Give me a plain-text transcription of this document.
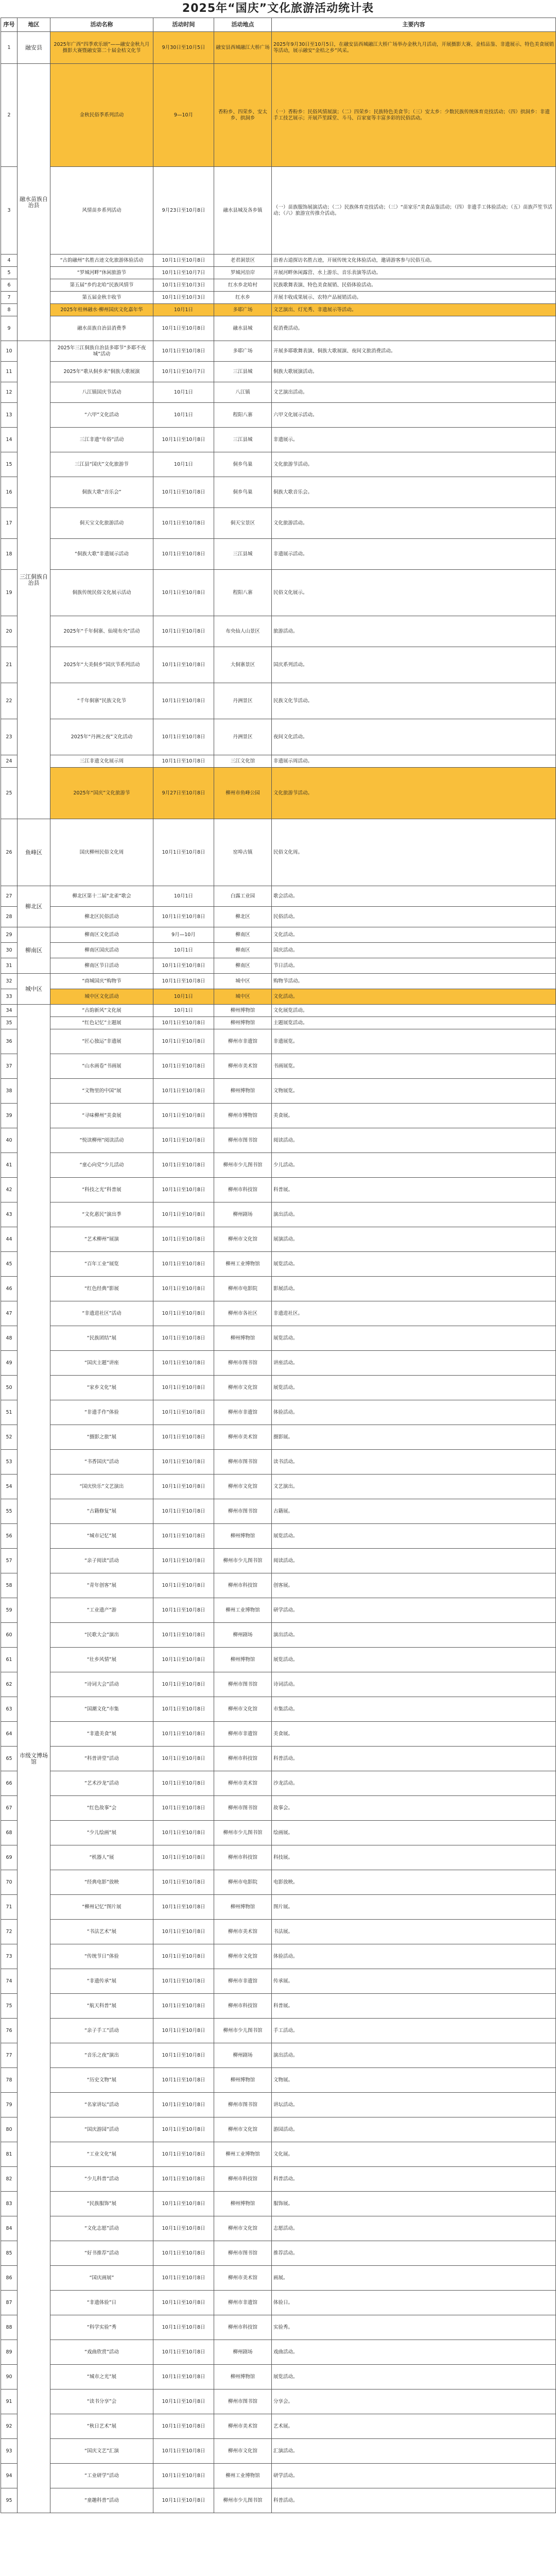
2025年“国庆”文化旅游活动统计表
序号	地区	活动名称	活动时间	活动地点	主要内容
1	融安县	2025年广西“四季欢乐颂”——融安金秋九月摄影大赛暨融安第二十届金桔文化节	9月30日至10月5日	融安县西城融江大桥广场	2025年9月30日至10月5日，在融安县西城融江大桥广场举办金秋九月活动，开展摄影大赛、金桔品鉴、非遗展示、特色美食展销等活动，展示融安“金桔之乡”风采。
2	融水苗族自治县	金秋民俗季系列活动	9—10月	香粉乡、四荣乡、安太乡、拱洞乡	（一）香粉乡：民俗风情展演；（二）四荣乡：民族特色美食节；（三）安太乡：少数民族传统体育竞技活动；（四）拱洞乡：非遗手工技艺展示；开展芦笙踩堂、斗马、百家宴等丰富多彩的民俗活动。
3		风情苗乡系列活动	9月23日至10月8日	融水县城及各乡镇	（一）苗族服饰展演活动；（二）民族体育竞技活动；（三）“苗家乐”美食品鉴活动；（四）非遗手工体验活动；（五）苗族芦笙节活动；（六）旅游宣传推介活动。
4		“古韵融州”名胜古迹文化旅游体验活动	10月1日至10月8日	老君洞景区	沿着古道探访名胜古迹，开展传统文化体验活动，邀请游客参与民俗互动。
5		“罗城河畔”休闲旅游节	10月1日至10月7日	罗城河沿岸	开展河畔休闲露营、水上游乐、音乐表演等活动。
6		第五届“乡约北哈”民族风情节	10月1日至10月3日	红水乡北哈村	民族歌舞表演、特色美食展销、民俗体验活动。
7		第五届金秋丰收节	10月1日至10月3日	红水乡	开展丰收成果展示、农特产品展销活动。
8		2025年桂林融水·柳州国庆文化嘉年华	10月1日	多耶广场	文艺演出、灯光秀、非遗展示等活动。
9		融水苗族自治县消费季	10月1日至10月8日	融水县城	促消费活动。
10	三江侗族自治县	2025年三江侗族自治县多耶节“多耶不夜城”活动	10月1日至10月8日	多耶广场	开展多耶歌舞表演、侗族大歌展演、夜间文旅消费活动。
11		2025年“歌从侗乡来”侗族大歌展演	10月1日至10月7日	三江县城	侗族大歌展演活动。
12		八江镇国庆节活动	10月1日	八江镇	文艺演出活动。
13		“六甲”文化活动	10月1日	程阳八寨	六甲文化展示活动。
14		三江非遗“年俗”活动	10月1日至10月8日	三江县城	非遗展示。
15		三江县“国庆”文化旅游节	10月1日	侗乡鸟巢	文化旅游节活动。
16		侗族大歌“音乐会”	10月1日至10月8日	侗乡鸟巢	侗族大歌音乐会。
17		侗天宝文化旅游活动	10月1日至10月8日	侗天宝景区	文化旅游活动。
18		“侗族大歌”非遗展示活动	10月1日至10月8日	三江县城	非遗展示活动。
19		侗族传统民俗文化展示活动	10月1日至10月8日	程阳八寨	民俗文化展示。
20		2025年“千年侗寨、仙境布央”活动	10月1日至10月8日	布央仙人山景区	旅游活动。
21		2025年“大美侗乡”国庆节系列活动	10月1日至10月8日	大侗寨景区	国庆系列活动。
22		“千年侗寨”民族文化节	10月1日至10月8日	丹洲景区	民族文化节活动。
23		2025年“丹洲之夜”文化活动	10月1日至10月8日	丹洲景区	夜间文化活动。
24		三江非遗文化展示周	10月1日至10月8日	三江文化馆	非遗展示周活动。
25		2025年“国庆”文化旅游节	9月27日至10月8日	柳州市鱼峰公园	文化旅游节活动。
26	鱼峰区	国庆柳州民俗文化周	10月1日至10月8日	窑埠古镇	民俗文化周。
27	柳北区	柳北区第十二届“北雀”歌会	10月1日	白露工业园	歌会活动。
28		柳北区民俗活动	10月1日至10月8日	柳北区	民俗活动。
29	柳南区	柳南区文化活动	9月—10月	柳南区	文化活动。
30		柳南区国庆活动	10月1日	柳南区	国庆活动。
31		柳南区节日活动	10月1日至10月8日	柳南区	节日活动。
32	城中区	“商城国庆”购物节	10月1日至10月8日	城中区	购物节活动。
33		城中区文化活动	10月1日	城中区	文化活动。
34	市级文博场馆	“古韵新风”文化展	10月1日	柳州博物馆	文化展览活动。
35		“红色记忆”主题展	10月1日至10月8日	柳州博物馆	主题展览活动。
36		“匠心独运”非遗展	10月1日至10月8日	柳州市非遗馆	非遗展览。
37		“山水画卷”书画展	10月1日至10月8日	柳州市美术馆	书画展览。
38		“文物里的中国”展	10月1日至10月8日	柳州博物馆	文物展览。
39		“寻味柳州”美食展	10月1日至10月8日	柳州市博物馆	美食展。
40		“悦读柳州”阅读活动	10月1日至10月8日	柳州市图书馆	阅读活动。
41		“童心向党”少儿活动	10月1日至10月8日	柳州市少儿图书馆	少儿活动。
42		“科技之光”科普展	10月1日至10月8日	柳州市科技馆	科普展。
43		“文化惠民”演出季	10月1日至10月8日	柳州剧场	演出活动。
44		“艺术柳州”展演	10月1日至10月8日	柳州市文化馆	展演活动。
45		“百年工业”展览	10月1日至10月8日	柳州工业博物馆	展览活动。
46		“红色经典”影展	10月1日至10月8日	柳州市电影院	影展活动。
47		“非遗进社区”活动	10月1日至10月8日	柳州市各社区	非遗进社区。
48		“民族团结”展	10月1日至10月8日	柳州博物馆	展览活动。
49		“国庆主题”讲座	10月1日至10月8日	柳州市图书馆	讲座活动。
50		“家乡文化”展	10月1日至10月8日	柳州市文化馆	展览活动。
51		“非遗手作”体验	10月1日至10月8日	柳州市非遗馆	体验活动。
52		“摄影之旅”展	10月1日至10月8日	柳州市美术馆	摄影展。
53		“书香国庆”活动	10月1日至10月8日	柳州市图书馆	读书活动。
54		“国庆快乐”文艺演出	10月1日至10月8日	柳州市文化馆	文艺演出。
55		“古籍修复”展	10月1日至10月8日	柳州市图书馆	古籍展。
56		“城市记忆”展	10月1日至10月8日	柳州博物馆	展览活动。
57		“亲子阅读”活动	10月1日至10月8日	柳州市少儿图书馆	阅读活动。
58		“青年创客”展	10月1日至10月8日	柳州市科技馆	创客展。
59		“工业遗产”游	10月1日至10月8日	柳州工业博物馆	研学活动。
60		“民歌大会”演出	10月1日至10月8日	柳州剧场	演出活动。
61		“壮乡风情”展	10月1日至10月8日	柳州博物馆	展览活动。
62		“诗词大会”活动	10月1日至10月8日	柳州市图书馆	诗词活动。
63		“国潮文化”市集	10月1日至10月8日	柳州市文化馆	市集活动。
64		“非遗美食”展	10月1日至10月8日	柳州市非遗馆	美食展。
65		“科普讲堂”活动	10月1日至10月8日	柳州市科技馆	科普活动。
66		“艺术沙龙”活动	10月1日至10月8日	柳州市美术馆	沙龙活动。
67		“红色故事”会	10月1日至10月8日	柳州市图书馆	故事会。
68		“少儿绘画”展	10月1日至10月8日	柳州市少儿图书馆	绘画展。
69		“机器人”展	10月1日至10月8日	柳州市科技馆	科技展。
70		“经典电影”放映	10月1日至10月8日	柳州市电影院	电影放映。
71		“柳州记忆”图片展	10月1日至10月8日	柳州博物馆	图片展。
72		“书法艺术”展	10月1日至10月8日	柳州市美术馆	书法展。
73		“传统节日”体验	10月1日至10月8日	柳州市文化馆	体验活动。
74		“非遗传承”展	10月1日至10月8日	柳州市非遗馆	传承展。
75		“航天科普”展	10月1日至10月8日	柳州市科技馆	科普展。
76		“亲子手工”活动	10月1日至10月8日	柳州市少儿图书馆	手工活动。
77		“音乐之夜”演出	10月1日至10月8日	柳州剧场	演出活动。
78		“历史文物”展	10月1日至10月8日	柳州博物馆	文物展。
79		“名家讲坛”活动	10月1日至10月8日	柳州市图书馆	讲坛活动。
80		“国庆游园”活动	10月1日至10月8日	柳州市文化馆	游园活动。
81		“工业文化”展	10月1日至10月8日	柳州工业博物馆	文化展。
82		“少儿科普”活动	10月1日至10月8日	柳州市科技馆	科普活动。
83		“民族服饰”展	10月1日至10月8日	柳州博物馆	服饰展。
84		“文化志愿”活动	10月1日至10月8日	柳州市文化馆	志愿活动。
85		“好书推荐”活动	10月1日至10月8日	柳州市图书馆	推荐活动。
86		“国庆画展”	10月1日至10月8日	柳州市美术馆	画展。
87		“非遗体验”日	10月1日至10月8日	柳州市非遗馆	体验日。
88		“科学实验”秀	10月1日至10月8日	柳州市科技馆	实验秀。
89		“戏曲欣赏”活动	10月1日至10月8日	柳州剧场	戏曲活动。
90		“城市之光”展	10月1日至10月8日	柳州博物馆	展览活动。
91		“读书分享”会	10月1日至10月8日	柳州市图书馆	分享会。
92		“秋日艺术”展	10月1日至10月8日	柳州市美术馆	艺术展。
93		“国庆文艺”汇演	10月1日至10月8日	柳州市文化馆	汇演活动。
94		“工业研学”活动	10月1日至10月8日	柳州工业博物馆	研学活动。
95		“童趣科普”活动	10月1日至10月8日	柳州市少儿图书馆	科普活动。
